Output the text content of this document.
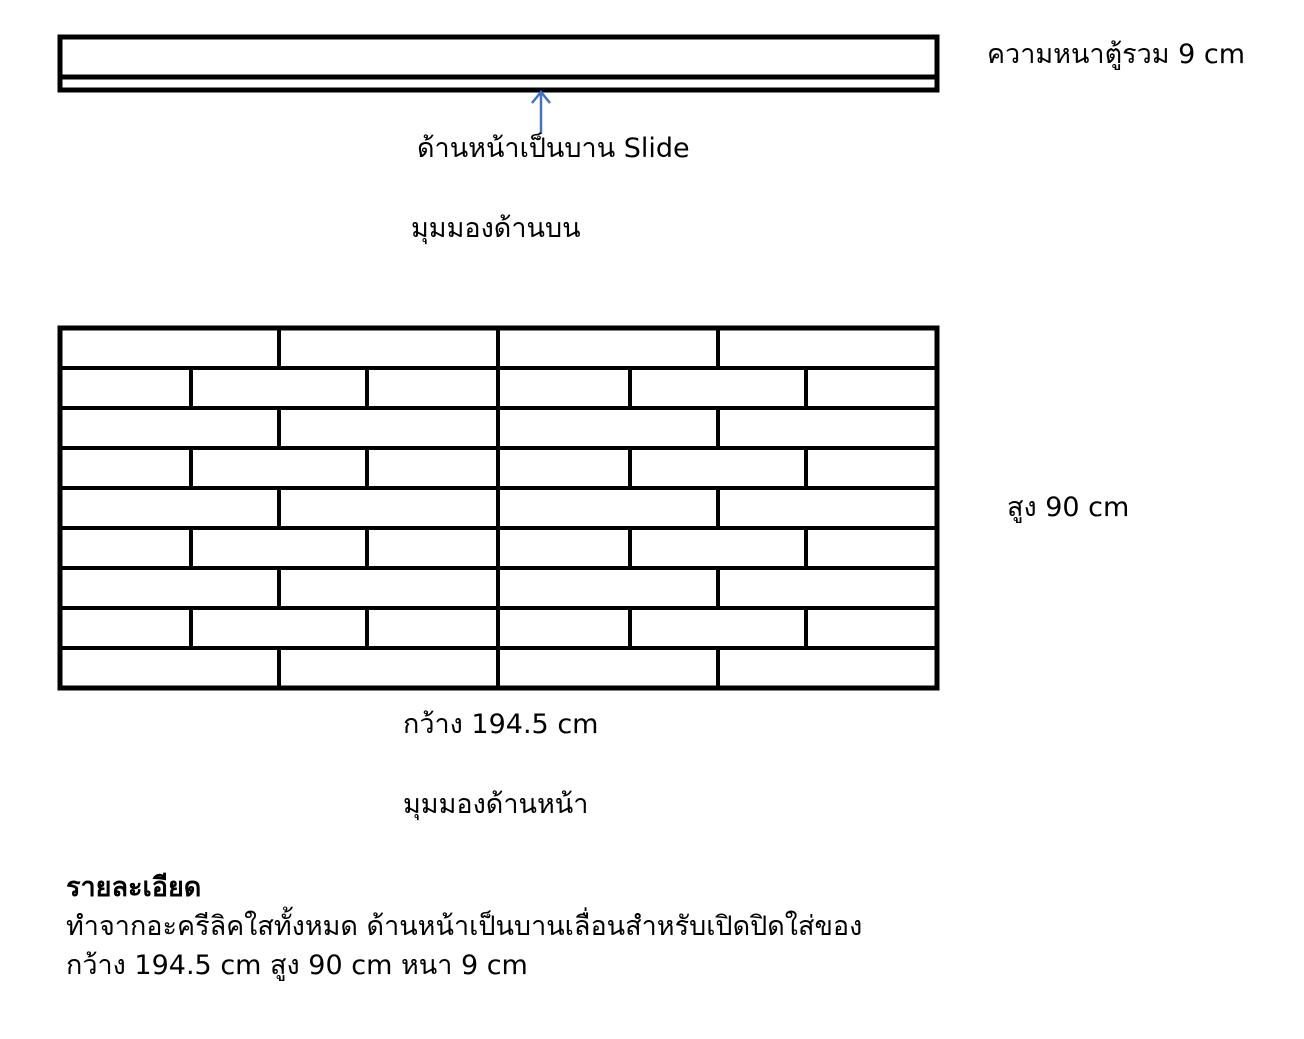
ความหนาตู้รวม 9 cm
ด้านหน้าเป็นบาน Slide
มุมมองด้านบน
สูง 90 cm
กว้าง 194.5 cm
มุมมองด้านหน้า
รายละเอียด
ทำจากอะครีลิคใสทั้งหมด ด้านหน้าเป็นบานเลื่อนสำหรับเปิดปิดใส่ของ
กว้าง 194.5 cm สูง 90 cm หนา 9 cm
